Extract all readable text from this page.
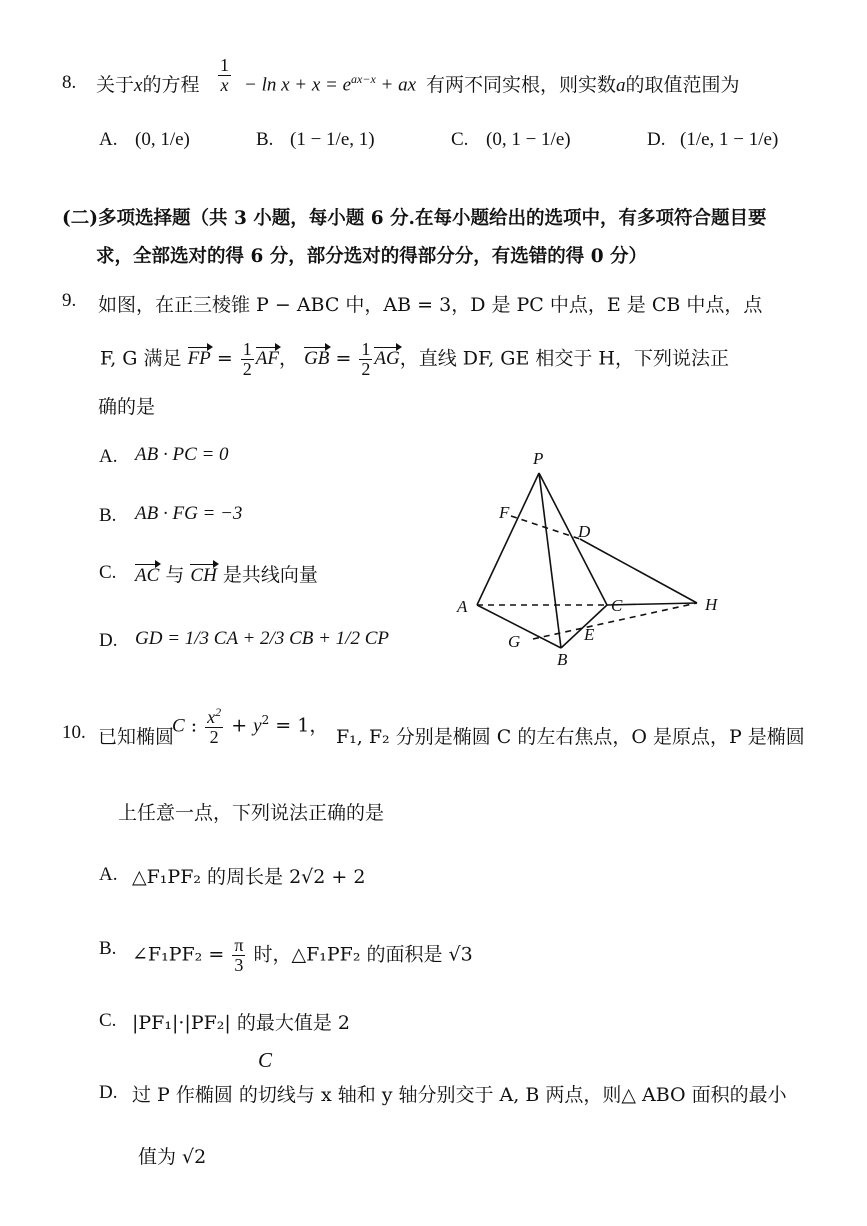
8. 关于x的方程 $\frac{1}{x} - \ln x + x = e^{ax-x}$ + ax 有两不同实根，则实数a的取值范围为
A. (0, 1/e)	B. (1 − 1/e, 1)	C. (0, 1 − 1/e)	D. (1/e, 1 − 1/e)
(二)多项选择题（共 3 小题，每小题 6 分.在每小题给出的选项中，有多项符合题目要
求，全部选对的得 6 分，部分选对的得部分分，有选错的得 0 分）
9. 如图，在正三棱锥 P − ABC 中，AB = 3，D 是 PC 中点，E 是 CB 中点，点
F, G 满足 FP = $\frac{1}{2}$ AF， GB = $\frac{1}{2}$ AG，直线 DF, GE 相交于 H，下列说法正
确的是
A. AB · PC = 0
B. AB · FG = −3
C. AC 与 CH 是共线向量
D. GD = 1/3 CA + 2/3 CB + 1/2 CP
P
F
D
A	C	H
G	E
B
10. 已知椭圆
C : $\frac{x^2}{2} + y^2 = 1$，
F₁, F₂ 分别是椭圆 C 的左右焦点，O 是原点，P 是椭圆
上任意一点，下列说法正确的是
A. △F₁PF₂ 的周长是 2√2 + 2
B. ∠F₁PF₂ = $\frac{\pi}{3}$ 时，△F₁PF₂ 的面积是 √3
C. |PF₁|·|PF₂| 的最大值是 2
C
D. 过 P 作椭圆 的切线与 x 轴和 y 轴分别交于 A, B 两点，则△ ABO 面积的最小
值为 √2
